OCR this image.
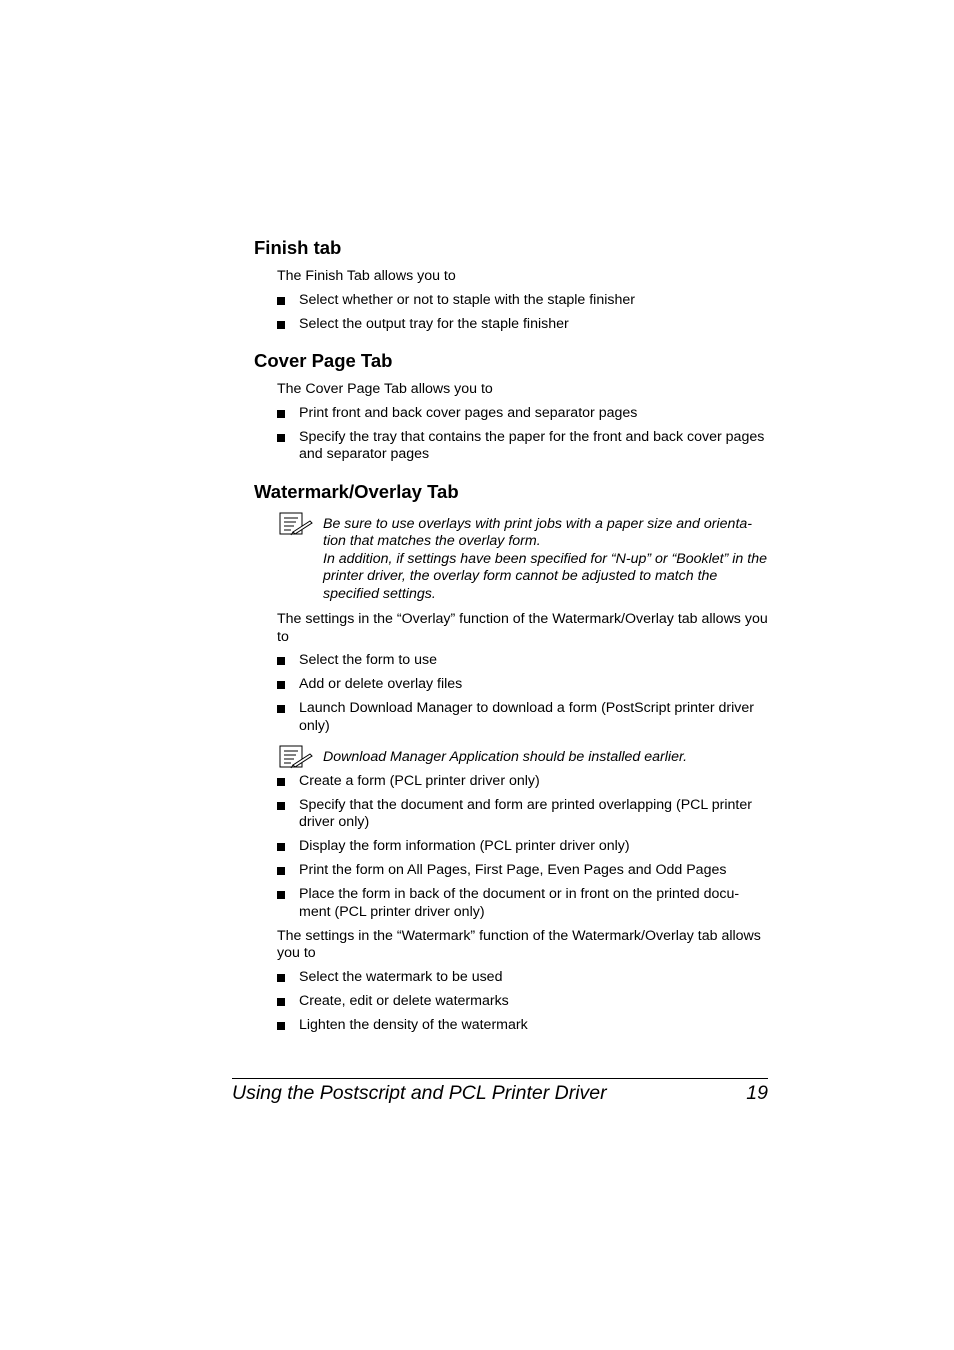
Finish tab

The Finish Tab allows you to

Select whether or not to staple with the staple finisher
Select the output tray for the staple finisher
Cover Page Tab

The Cover Page Tab allows you to

Print front and back cover pages and separator pages
Specify the tray that contains the paper for the front and back cover pages and separator pages
Watermark/Overlay Tab

Be sure to use overlays with print jobs with a paper size and orienta-tion that matches the overlay form.

In addition, if settings have been specified for “N-up” or “Booklet” in the printer driver, the overlay form cannot be adjusted to match the specified settings.

The settings in the “Overlay” function of the Watermark/Overlay tab allows you to

Select the form to use
Add or delete overlay files
Launch Download Manager to download a form (PostScript printer driver only)

Download Manager Application should be installed earlier.

Create a form (PCL printer driver only)
Specify that the document and form are printed overlapping (PCL printer driver only)
Display the form information (PCL printer driver only)
Print the form on All Pages, First Page, Even Pages and Odd Pages
Place the form in back of the document or in front on the printed docu-ment (PCL printer driver only)

The settings in the “Watermark” function of the Watermark/Overlay tab allows you to

Select the watermark to be used
Create, edit or delete watermarks
Lighten the density of the watermark
Using the Postscript and PCL Printer Driver	19
